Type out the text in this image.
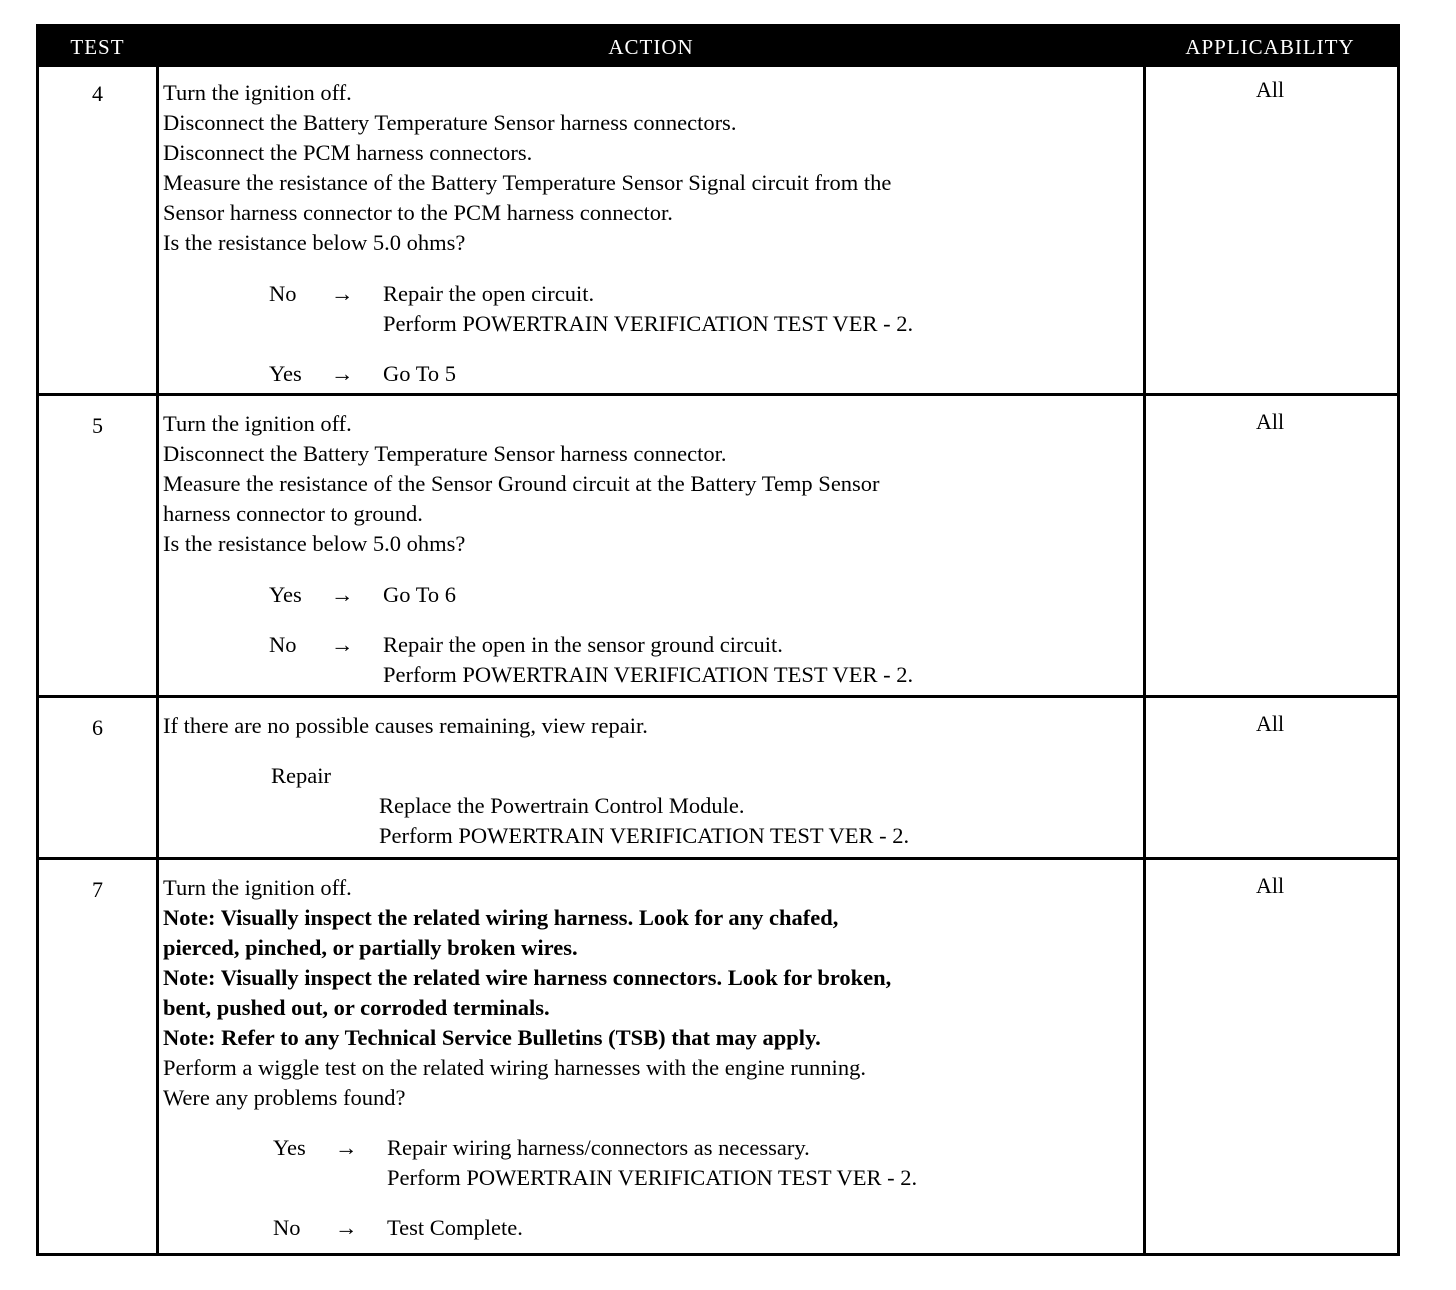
TEST	ACTION	APPLICABILITY
4	Turn the ignition off.
Disconnect the Battery Temperature Sensor harness connectors.
Disconnect the PCM harness connectors.
Measure the resistance of the Battery Temperature Sensor Signal circuit from the
Sensor harness connector to the PCM harness connector.
Is the resistance below 5.0 ohms?
No → Repair the open circuit.
Perform POWERTRAIN VERIFICATION TEST VER - 2.
Yes → Go To 5
All
5	Turn the ignition off.
Disconnect the Battery Temperature Sensor harness connector.
Measure the resistance of the Sensor Ground circuit at the Battery Temp Sensor
harness connector to ground.
Is the resistance below 5.0 ohms?
Yes → Go To 6
No → Repair the open in the sensor ground circuit.
Perform POWERTRAIN VERIFICATION TEST VER - 2.
All
6	If there are no possible causes remaining, view repair.
Repair
Replace the Powertrain Control Module.
Perform POWERTRAIN VERIFICATION TEST VER - 2.
All
7	Turn the ignition off.
Note: Visually inspect the related wiring harness. Look for any chafed,
pierced, pinched, or partially broken wires.
Note: Visually inspect the related wire harness connectors. Look for broken,
bent, pushed out, or corroded terminals.
Note: Refer to any Technical Service Bulletins (TSB) that may apply.
Perform a wiggle test on the related wiring harnesses with the engine running.
Were any problems found?
Yes → Repair wiring harness/connectors as necessary.
Perform POWERTRAIN VERIFICATION TEST VER - 2.
No → Test Complete.
All
